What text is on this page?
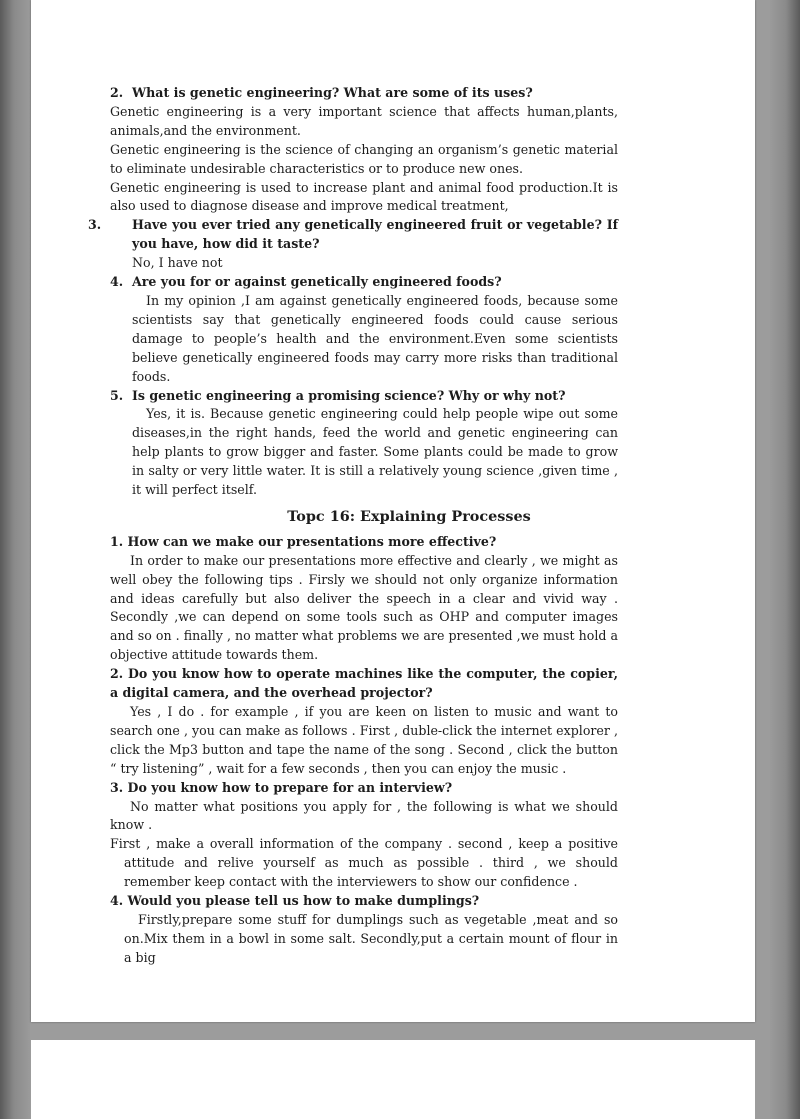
2. What is genetic engineering? What are some of its uses?

Genetic engineering is a very important science that affects human,plants, animals,and the environment.

Genetic engineering is the science of changing an organism’s genetic material to eliminate undesirable characteristics or to produce new ones.

Genetic engineering is used to increase plant and animal food production.It is also used to diagnose disease and improve medical treatment,

3. Have you ever tried any genetically engineered fruit or vegetable? If you have, how did it taste?

No, I have not

4. Are you for or against genetically engineered foods?

In my opinion ,I am against genetically engineered foods, because some scientists say that genetically engineered foods could cause serious damage to people’s health and the environment.Even some scientists believe genetically engineered foods may carry more risks than traditional foods.

5. Is genetic engineering a promising science? Why or why not?

Yes, it is. Because genetic engineering could help people wipe out some diseases,in the right hands, feed the world and genetic engineering can help plants to grow bigger and faster. Some plants could be made to grow in salty or very little water. It is still a relatively young science ,given time , it will perfect itself.

Topc 16: Explaining Processes

1. How can we make our presentations more effective?

In order to make our presentations more effective and clearly , we might as well obey the following tips . Firsly we should not only organize information and ideas carefully but also deliver the speech in a clear and vivid way . Secondly ,we can depend on some tools such as OHP and computer images and so on . finally , no matter what problems we are presented ,we must hold a objective attitude towards them.

2. Do you know how to operate machines like the computer, the copier, a digital camera, and the overhead projector?

Yes , I do . for example , if you are keen on listen to music and want to search one , you can make as follows . First , duble-click the internet explorer , click the Mp3 button and tape the name of the song . Second , click the button “ try listening” , wait for a few seconds , then you can enjoy the music .

3. Do you know how to prepare for an interview?

No matter what positions you apply for , the following is what we should know .

First , make a overall information of the company . second , keep a positive attitude and relive yourself as much as possible . third , we should remember keep contact with the interviewers to show our confidence .

4. Would you please tell us how to make dumplings?

Firstly,prepare some stuff for dumplings such as vegetable ,meat and so on.Mix them in a bowl in some salt. Secondly,put a certain mount of flour in a big
